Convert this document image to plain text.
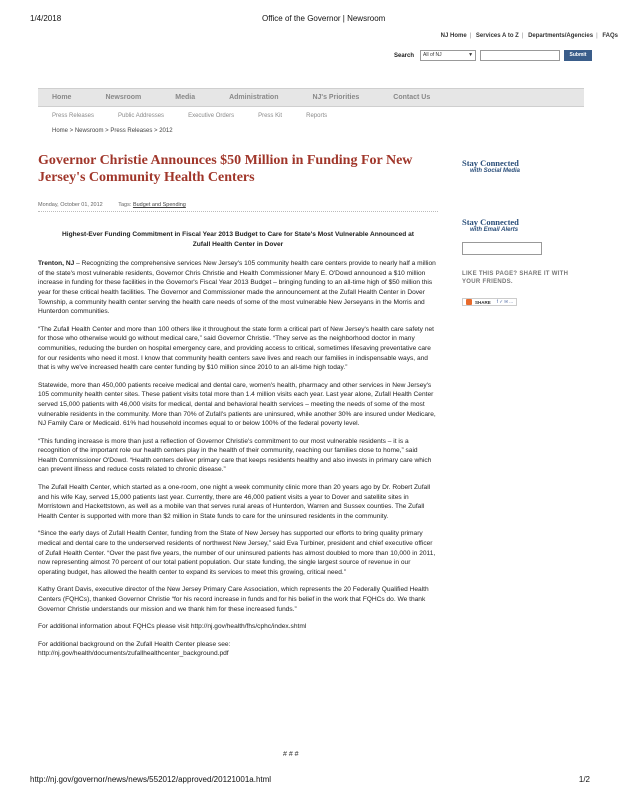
1/4/2018	Office of the Governor | Newsroom
NJ Home | Services A to Z | Departments/Agencies | FAQs
Search	All of NJ	▼	Submit
Home	Newsroom	Media	Administration	NJ's Priorities	Contact Us
Press Releases	Public Addresses	Executive Orders	Press Kit	Reports
Home > Newsroom > Press Releases > 2012
Governor Christie Announces $50 Million in Funding For New Jersey's Community Health Centers
Monday, October 01, 2012	Tags: Budget and Spending
Highest-Ever Funding Commitment in Fiscal Year 2013 Budget to Care for State's Most Vulnerable Announced at Zufall Health Center in Dover

Trenton, NJ – Recognizing the comprehensive services New Jersey's 105 community health care centers provide to nearly half a million of the state's most vulnerable residents, Governor Chris Christie and Health Commissioner Mary E. O'Dowd announced a $10 million increase in funding for these facilities in the Governor's Fiscal Year 2013 Budget – bringing funding to an all-time high of $50 million this year for these critical health facilities. The Governor and Commissioner made the announcement at the Zufall Health Center in Dover Township, a community health center serving the health care needs of some of the most vulnerable New Jerseyans in the Morris and Hunterdon communities.

“The Zufall Health Center and more than 100 others like it throughout the state form a critical part of New Jersey's health care safety net for those who otherwise would go without medical care,” said Governor Christie. “They serve as the neighborhood doctor in many communities, reducing the burden on hospital emergency care, and providing access to critical, sometimes lifesaving preventative care for our residents who need it most. I know that community health centers save lives and reach our families in indispensable ways, and that is why we've increased health care center funding by $10 million since 2010 to an all-time high today.”

Statewide, more than 450,000 patients receive medical and dental care, women's health, pharmacy and other services in New Jersey's 105 community health center sites. These patient visits total more than 1.4 million visits each year. Last year alone, Zufall Health Center served 15,000 patients with 46,000 visits for medical, dental and behavioral health services – meeting the needs of some of the most vulnerable residents in the community. More than 70% of Zufall's patients are uninsured, while another 30% are insured under Medicare, NJ Family Care or Medicaid. 61% had household incomes equal to or below 100% of the federal poverty level.

“This funding increase is more than just a reflection of Governor Christie's commitment to our most vulnerable residents – it is a recognition of the important role our health centers play in the health of their community, reaching our families close to home,” said Health Commissioner O'Dowd. “Health centers deliver primary care that keeps residents healthy and also invests in primary care which can prevent illness and reduce costs related to chronic disease.”

The Zufall Health Center, which started as a one-room, one night a week community clinic more than 20 years ago by Dr. Robert Zufall and his wife Kay, served 15,000 patients last year. Currently, there are 46,000 patient visits a year to Dover and satellite sites in Morristown and Hackettstown, as well as a mobile van that serves rural areas of Hunterdon, Warren and Sussex counties. The Zufall Health Center is supported with more than $2 million in State funds to care for the uninsured residents in the community.

“Since the early days of Zufall Health Center, funding from the State of New Jersey has supported our efforts to bring quality primary medical and dental care to the underserved residents of northwest New Jersey,” said Eva Turbiner, president and chief executive officer of Zufall Health Center. “Over the past five years, the number of our uninsured patients has almost doubled to more than 10,000 in 2011, now representing almost 70 percent of our total patient population. Our state funding, the single largest source of revenue in our operating budget, has allowed the health center to expand its services to meet this growing, critical need.”

Kathy Grant Davis, executive director of the New Jersey Primary Care Association, which represents the 20 Federally Qualified Health Centers (FQHCs), thanked Governor Christie “for his record increase in funds and for his belief in the work that FQHCs do. We thank Governor Christie understands our mission and we thank him for these increased funds.”

For additional information about FQHCs please visit http://nj.gov/health/fhs/cphc/index.shtml

For additional background on the Zufall Health Center please see:
http://nj.gov/health/documents/zufallhealthcenter_background.pdf

# # #
Stay Connected
with Social Media
Stay Connected
with Email Alerts
LIKE THIS PAGE? SHARE IT WITH YOUR FRIENDS.
SHARE f ✓ ✉ ...
http://nj.gov/governor/news/news/552012/approved/20121001a.html	1/2
